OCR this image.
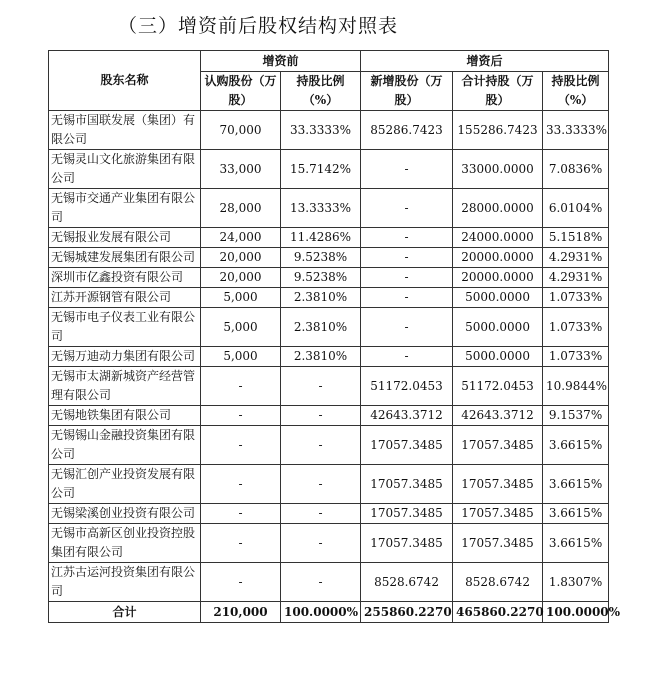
（三）增资前后股权结构对照表
股东名称	增资前		增资后		
	认购股份（万股）	持股比例（%）	新增股份（万股）	合计持股（万股）	持股比例（%）
无锡市国联发展（集团）有限公司	70,000	33.3333%	85286.7423	155286.7423	33.3333%
无锡灵山文化旅游集团有限公司	33,000	15.7142%	-	33000.0000	7.0836%
无锡市交通产业集团有限公司	28,000	13.3333%	-	28000.0000	6.0104%
无锡报业发展有限公司	24,000	11.4286%	-	24000.0000	5.1518%
无锡城建发展集团有限公司	20,000	9.5238%	-	20000.0000	4.2931%
深圳市亿鑫投资有限公司	20,000	9.5238%	-	20000.0000	4.2931%
江苏开源钢管有限公司	5,000	2.3810%	-	5000.0000	1.0733%
无锡市电子仪表工业有限公司	5,000	2.3810%	-	5000.0000	1.0733%
无锡万迪动力集团有限公司	5,000	2.3810%	-	5000.0000	1.0733%
无锡市太湖新城资产经营管理有限公司	-	-	51172.0453	51172.0453	10.9844%
无锡地铁集团有限公司	-	-	42643.3712	42643.3712	9.1537%
无锡锡山金融投资集团有限公司	-	-	17057.3485	17057.3485	3.6615%
无锡汇创产业投资发展有限公司	-	-	17057.3485	17057.3485	3.6615%
无锡梁溪创业投资有限公司	-	-	17057.3485	17057.3485	3.6615%
无锡市高新区创业投资控股集团有限公司	-	-	17057.3485	17057.3485	3.6615%
江苏古运河投资集团有限公司	-	-	8528.6742	8528.6742	1.8307%
合计	210,000	100.0000%	255860.2270	465860.2270	100.0000%
